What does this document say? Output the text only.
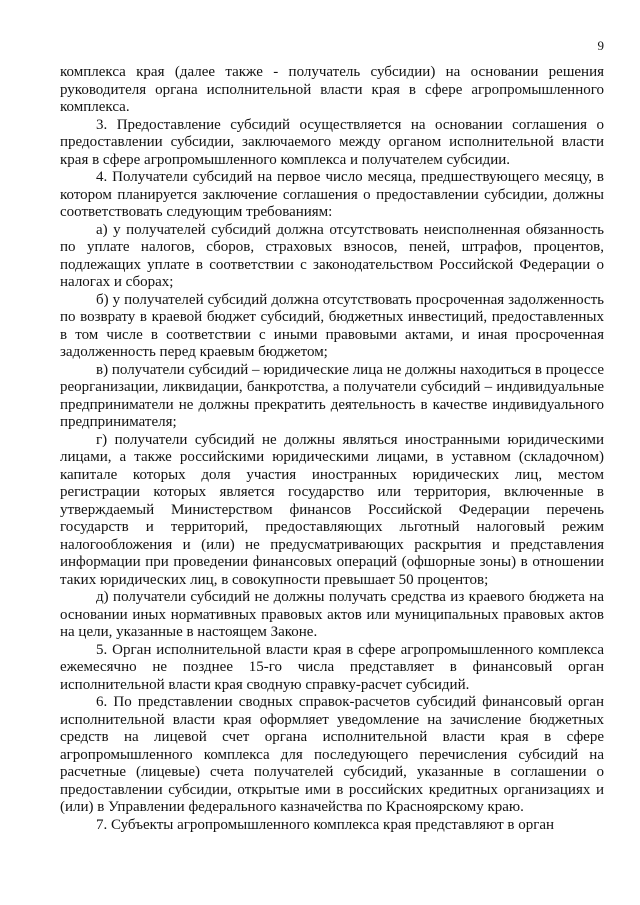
9

комплекса края (далее также - получатель субсидии) на основании решения руководителя органа исполнительной власти края в сфере агропромышленного комплекса.

3. Предоставление субсидий осуществляется на основании соглашения о предоставлении субсидии, заключаемого между органом исполнительной власти края в сфере агропромышленного комплекса и получателем субсидии.

4. Получатели субсидий на первое число месяца, предшествующего месяцу, в котором планируется заключение соглашения о предоставлении субсидии, должны соответствовать следующим требованиям:

а) у получателей субсидий должна отсутствовать неисполненная обязанность по уплате налогов, сборов, страховых взносов, пеней, штрафов, процентов, подлежащих уплате в соответствии с законодательством Российской Федерации о налогах и сборах;

б) у получателей субсидий должна отсутствовать просроченная задолженность по возврату в краевой бюджет субсидий, бюджетных инвестиций, предоставленных в том числе в соответствии с иными правовыми актами, и иная просроченная задолженность перед краевым бюджетом;

в) получатели субсидий – юридические лица не должны находиться в процессе реорганизации, ликвидации, банкротства, а получатели субсидий – индивидуальные предприниматели не должны прекратить деятельность в качестве индивидуального предпринимателя;

г) получатели субсидий не должны являться иностранными юридическими лицами, а также российскими юридическими лицами, в уставном (складочном) капитале которых доля участия иностранных юридических лиц, местом регистрации которых является государство или территория, включенные в утверждаемый Министерством финансов Российской Федерации перечень государств и территорий, предоставляющих льготный налоговый режим налогообложения и (или) не предусматривающих раскрытия и представления информации при проведении финансовых операций (офшорные зоны) в отношении таких юридических лиц, в совокупности превышает 50 процентов;

д) получатели субсидий не должны получать средства из краевого бюджета на основании иных нормативных правовых актов или муниципальных правовых актов на цели, указанные в настоящем Законе.

5. Орган исполнительной власти края в сфере агропромышленного комплекса ежемесячно не позднее 15-го числа представляет в финансовый орган исполнительной власти края сводную справку-расчет субсидий.

6. По представлении сводных справок-расчетов субсидий финансовый орган исполнительной власти края оформляет уведомление на зачисление бюджетных средств на лицевой счет органа исполнительной власти края в сфере агропромышленного комплекса для последующего перечисления субсидий на расчетные (лицевые) счета получателей субсидий, указанные в соглашении о предоставлении субсидии, открытые ими в российских кредитных организациях и (или) в Управлении федерального казначейства по Красноярскому краю.

7. Субъекты агропромышленного комплекса края представляют в орган
